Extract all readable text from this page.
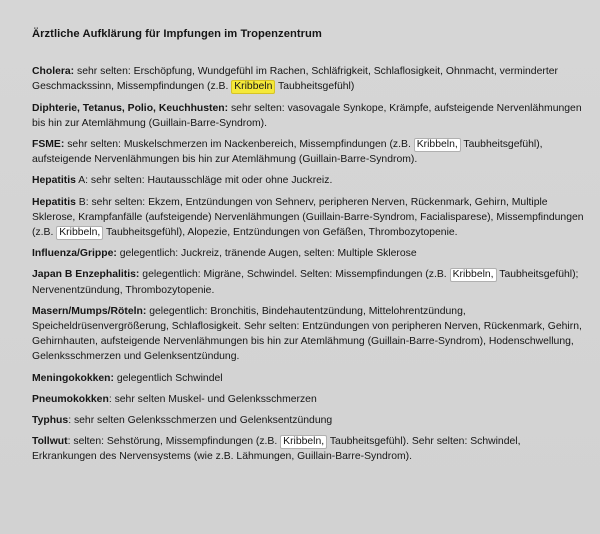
Ärztliche Aufklärung für Impfungen im Tropenzentrum

Cholera: sehr selten: Erschöpfung, Wundgefühl im Rachen, Schläfrigkeit, Schlaflosigkeit, Ohnmacht, verminderter Geschmackssinn, Missempfindungen (z.B. Kribbeln Taubheitsgefühl)

Diphterie, Tetanus, Polio, Keuchhusten: sehr selten: vasovagale Synkope, Krämpfe, aufsteigende Nervenlähmungen bis hin zur Atemlähmung (Guillain-Barre-Syndrom).

FSME: sehr selten: Muskelschmerzen im Nackenbereich, Missempfindungen (z.B. Kribbeln, Taubheitsgefühl), aufsteigende Nervenlähmungen bis hin zur Atemlähmung (Guillain-Barre-Syndrom).

Hepatitis A: sehr selten: Hautausschläge mit oder ohne Juckreiz.

Hepatitis B: sehr selten: Ekzem, Entzündungen von Sehnerv, peripheren Nerven, Rückenmark, Gehirn, Multiple Sklerose, Krampfanfälle (aufsteigende) Nervenlähmungen (Guillain-Barre-Syndrom, Facialisparese), Missempfindungen (z.B. Kribbeln, Taubheitsgefühl), Alopezie, Entzündungen von Gefäßen, Thrombozytopenie.

Influenza/Grippe: gelegentlich: Juckreiz, tränende Augen, selten: Multiple Sklerose

Japan B Enzephalitis: gelegentlich: Migräne, Schwindel. Selten: Missempfindungen (z.B. Kribbeln, Taubheitsgefühl); Nervenentzündung, Thrombozytopenie.

Masern/Mumps/Röteln: gelegentlich: Bronchitis, Bindehautentzündung, Mittelohrentzündung, Speicheldrüsenvergrößerung, Schlaflosigkeit. Sehr selten: Entzündungen von peripheren Nerven, Rückenmark, Gehirn, Gehirnhauten, aufsteigende Nervenlähmungen bis hin zur Atemlähmung (Guillain-Barre-Syndrom), Hodenschwellung, Gelenksschmerzen und Gelenksentzündung.

Meningokokken: gelegentlich Schwindel

Pneumokokken: sehr selten Muskel- und Gelenksschmerzen

Typhus: sehr selten Gelenksschmerzen und Gelenksentzündung

Tollwut: selten: Sehstörung, Missempfindungen (z.B. Kribbeln, Taubheitsgefühl). Sehr selten: Schwindel, Erkrankungen des Nervensystems (wie z.B. Lähmungen, Guillain-Barre-Syndrom).
